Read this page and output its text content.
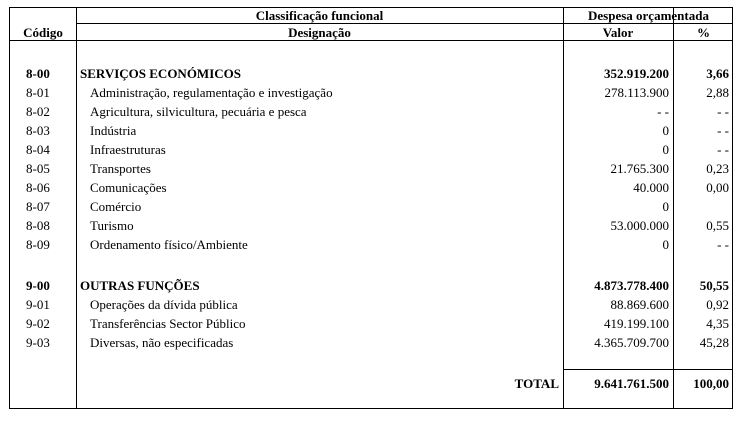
Classificação funcional	Despesa orçamentada
Código	Designação	Valor	%
8-00 SERVIÇOS ECONÓMICOS	352.919.200	3,66
8-01	Administração, regulamentação e investigação	278.113.900	2,88
8-02	Agricultura, silvicultura, pecuária e pesca	- -	- -
8-03	Indústria	0	- -
8-04	Infraestruturas	0	- -
8-05	Transportes	21.765.300	0,23
8-06	Comunicações	40.000	0,00
8-07	Comércio	0
8-08	Turismo	53.000.000	0,55
8-09	Ordenamento físico/Ambiente	0	- -
9-00 OUTRAS FUNÇÕES	4.873.778.400	50,55
9-01	Operações da dívida pública	88.869.600	0,92
9-02	Transferências Sector Público	419.199.100	4,35
9-03	Diversas, não especificadas	4.365.709.700	45,28
TOTAL	9.641.761.500	100,00
